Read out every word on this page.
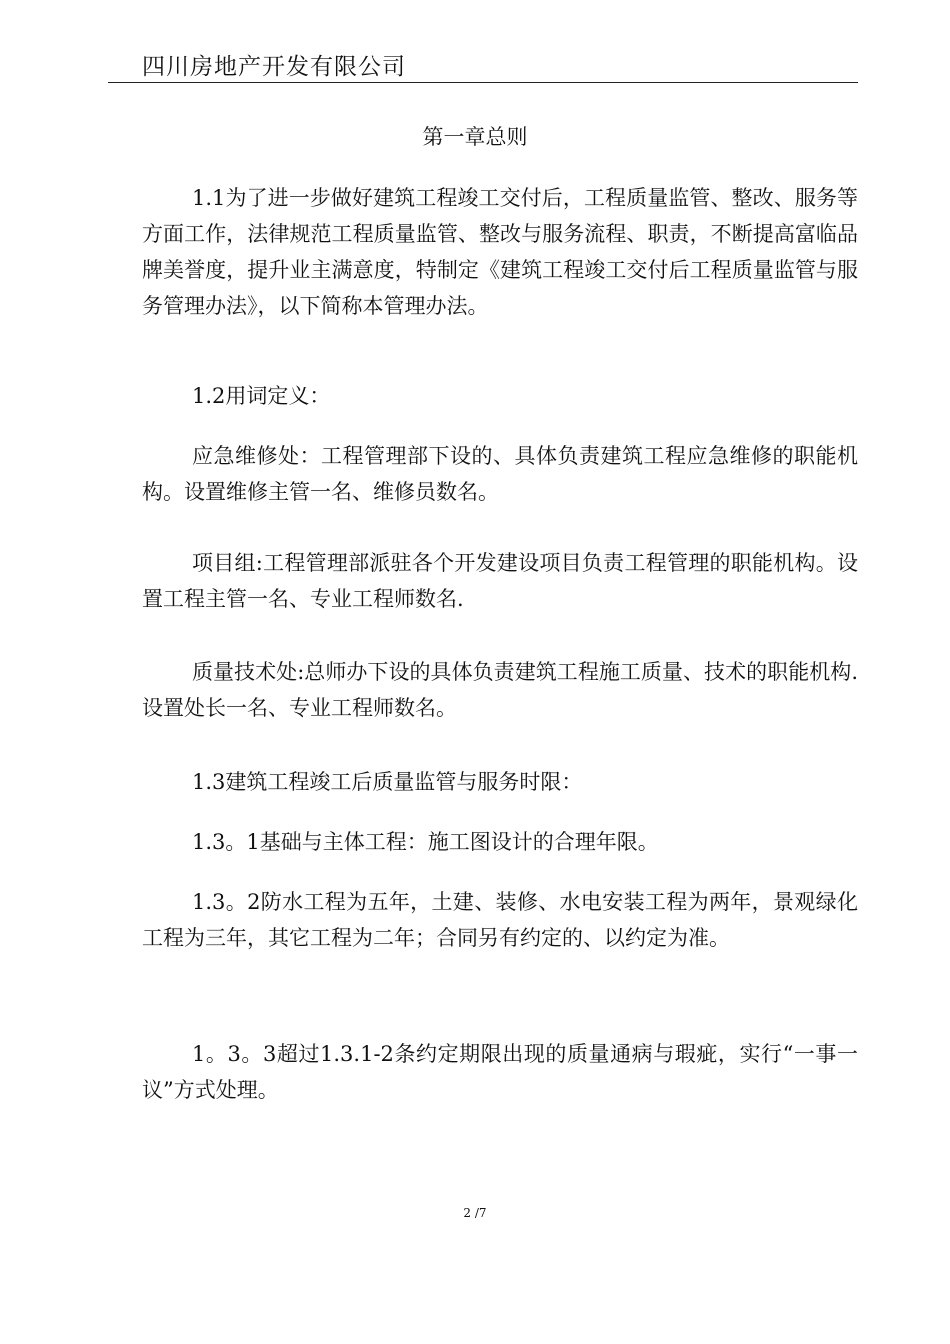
四川房地产开发有限公司
第一章总则

1.1为了进一步做好建筑工程竣工交付后，工程质量监管、整改、服务等方面工作，法律规范工程质量监管、整改与服务流程、职责，不断提高富临品牌美誉度，提升业主满意度，特制定《建筑工程竣工交付后工程质量监管与服务管理办法》，以下简称本管理办法。

1.2用词定义：

应急维修处：工程管理部下设的、具体负责建筑工程应急维修的职能机构。设置维修主管一名、维修员数名。

项目组:工程管理部派驻各个开发建设项目负责工程管理的职能机构。设置工程主管一名、专业工程师数名.

质量技术处:总师办下设的具体负责建筑工程施工质量、技术的职能机构.设置处长一名、专业工程师数名。

1.3建筑工程竣工后质量监管与服务时限：

1.3。1基础与主体工程：施工图设计的合理年限。

1.3。2防水工程为五年，土建、装修、水电安装工程为两年，景观绿化工程为三年，其它工程为二年；合同另有约定的、以约定为准。

1。3。3超过1.3.1-2条约定期限出现的质量通病与瑕疵，实行“一事一议”方式处理。

2 /7
